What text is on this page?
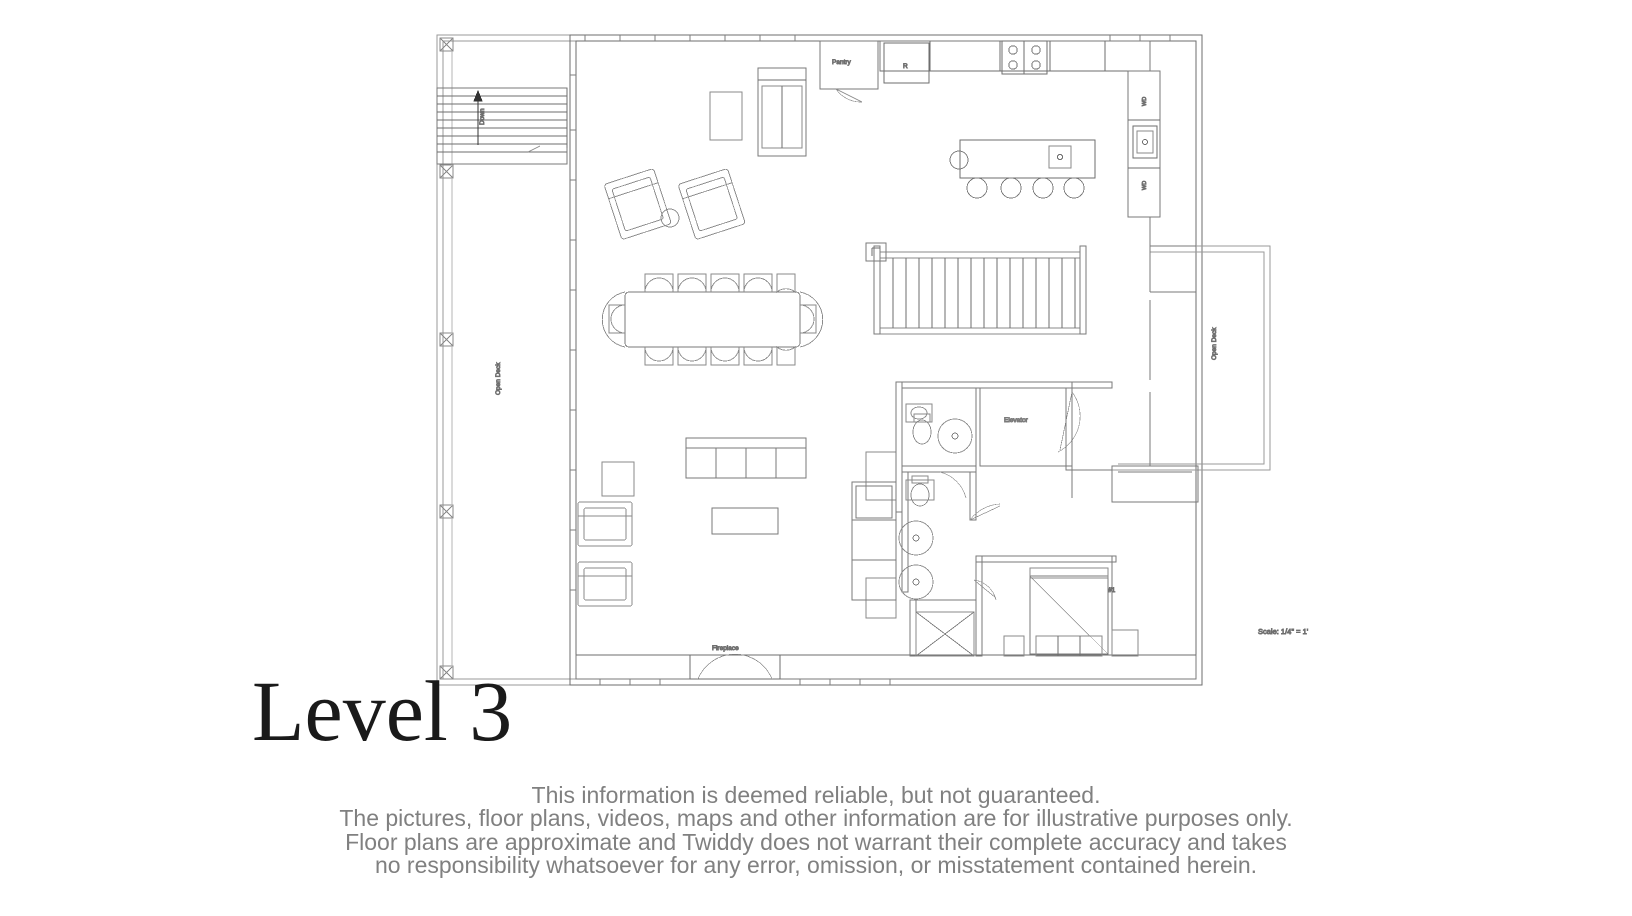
Down
Open Deck
Open Deck
R
WD
WD
Pantry
Fireplace
Elevator
#1
Scale: 1/4" = 1'
Level 3
This information is deemed reliable, but not guaranteed.
The pictures, floor plans, videos, maps and other information are for illustrative purposes only.
Floor plans are approximate and Twiddy does not warrant their complete accuracy and takes
no responsibility whatsoever for any error, omission, or misstatement contained herein.
